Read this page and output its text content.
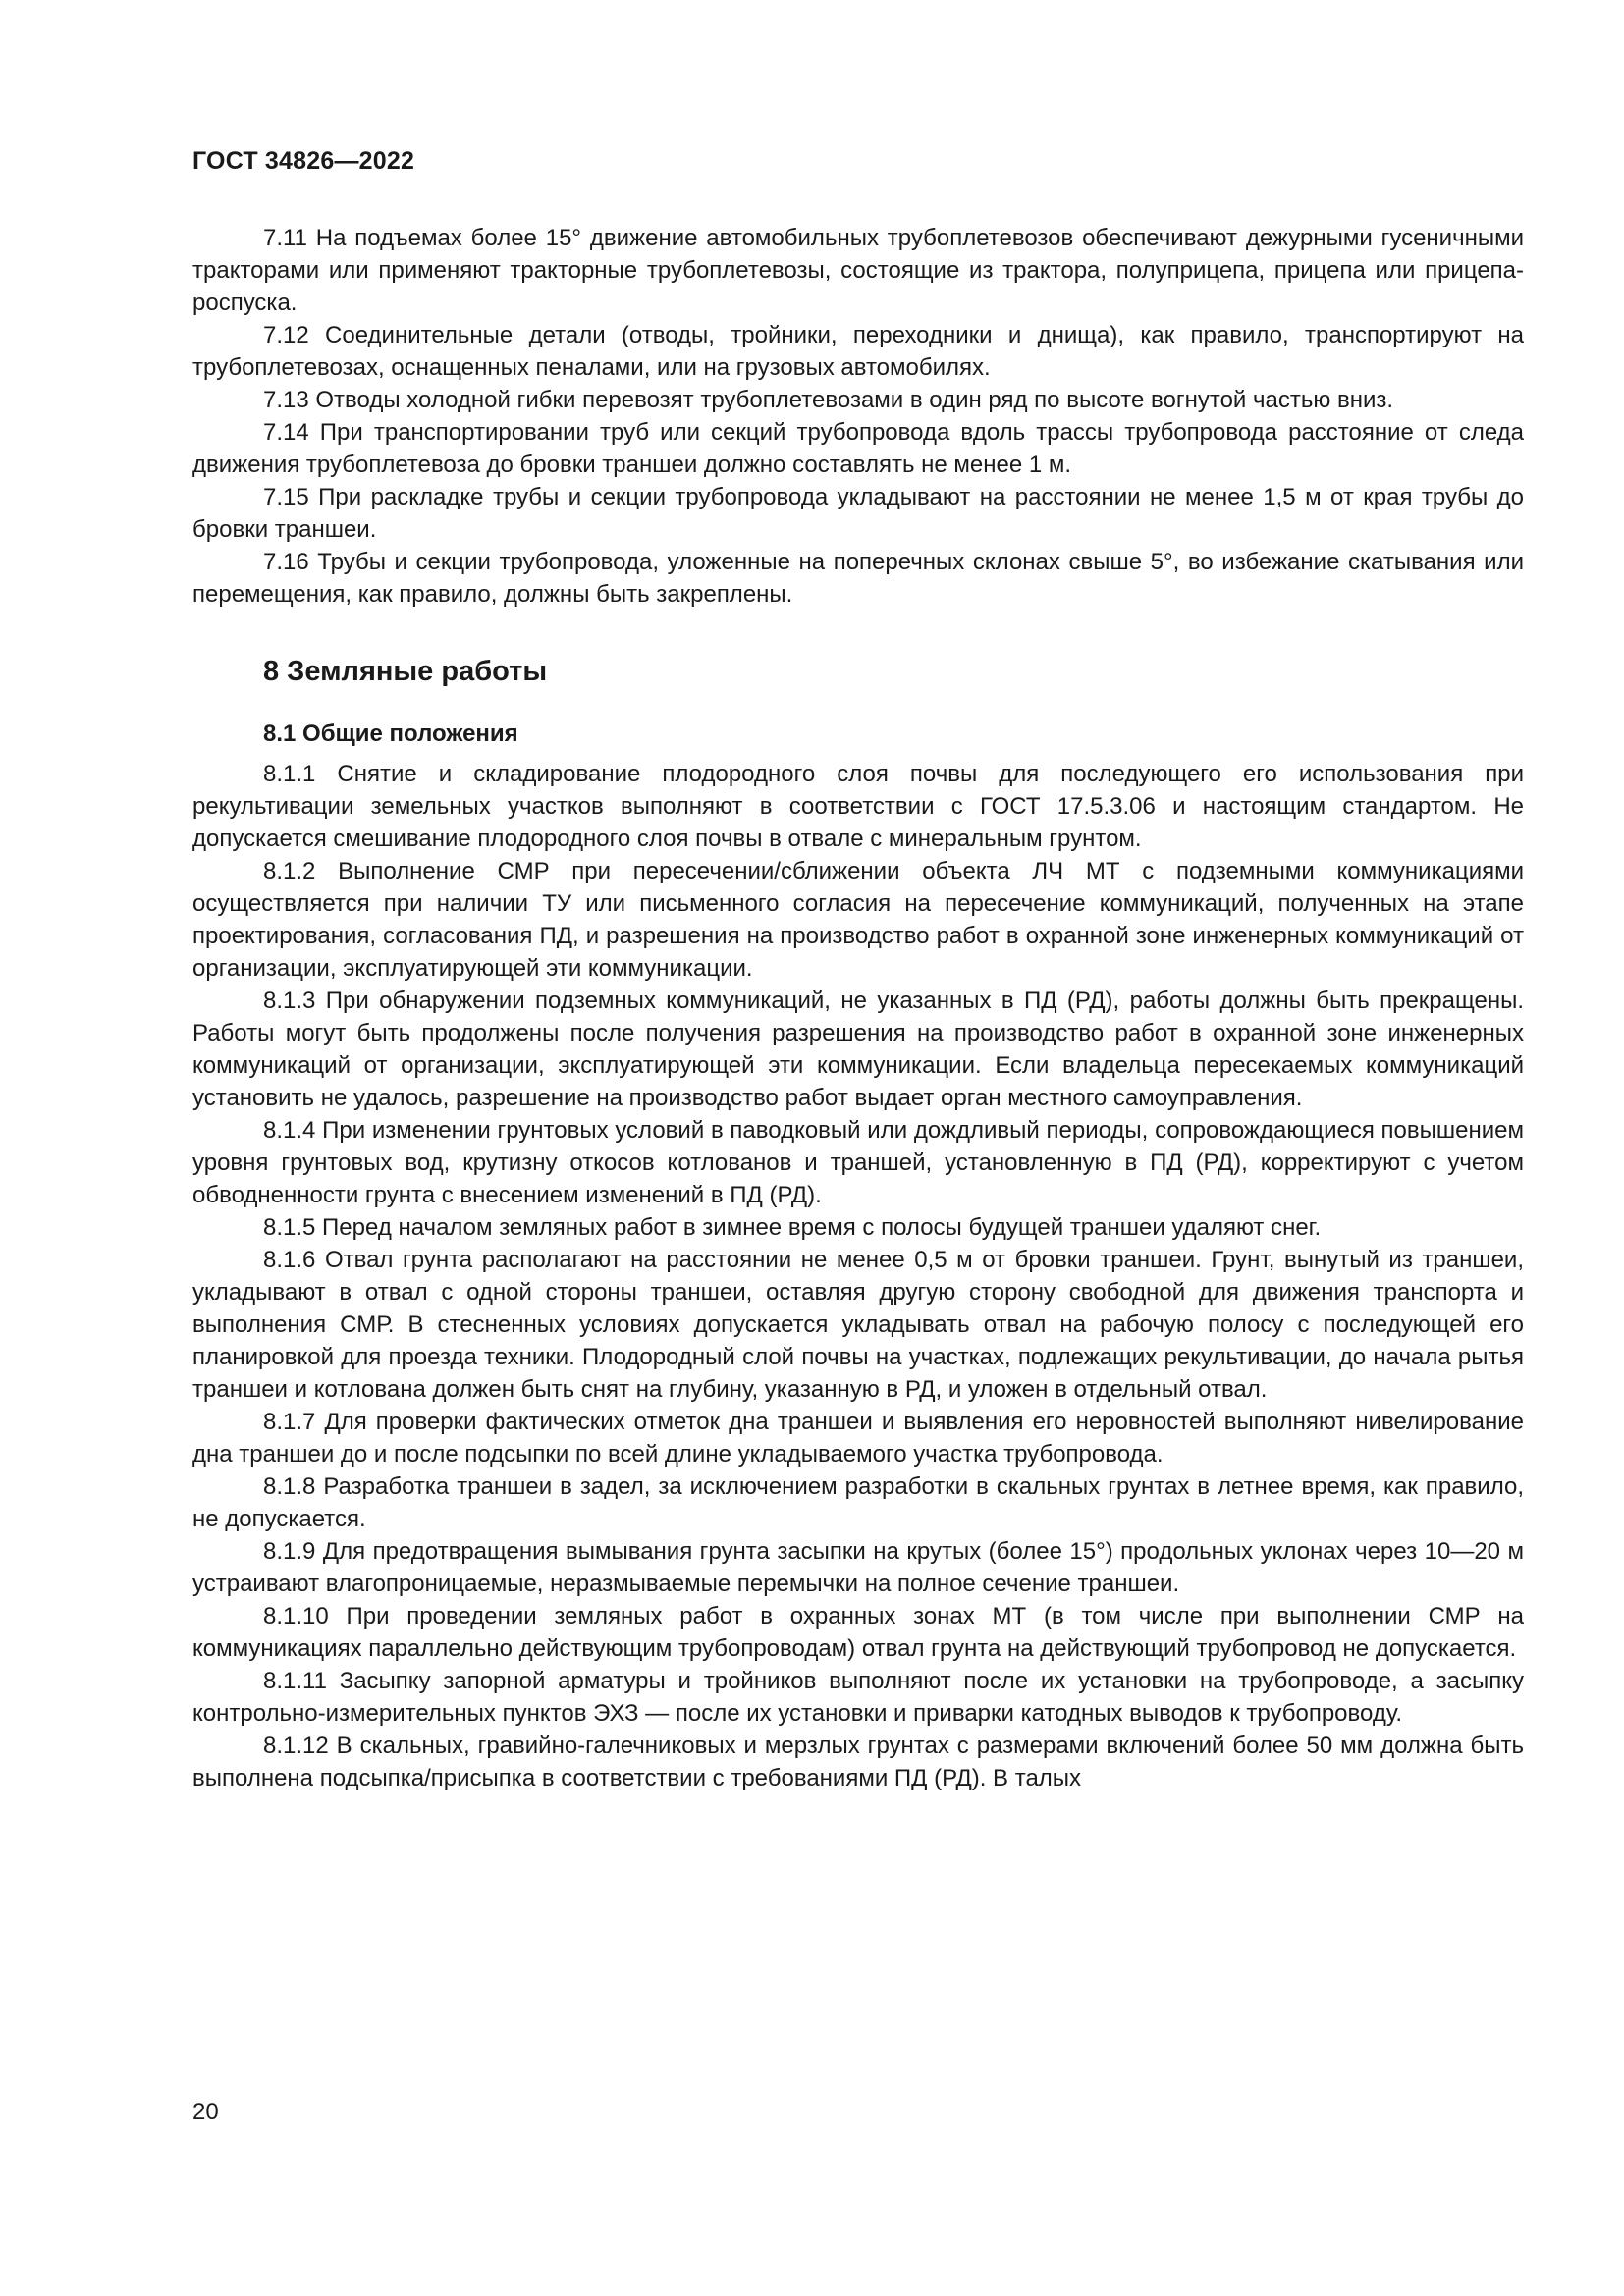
ГОСТ 34826—2022

7.11 На подъемах более 15° движение автомобильных трубоплетевозов обеспечивают дежурными гусеничными тракторами или применяют тракторные трубоплетевозы, состоящие из трактора, полуприцепа, прицепа или прицепа-роспуска.

7.12 Соединительные детали (отводы, тройники, переходники и днища), как правило, транспортируют на трубоплетевозах, оснащенных пеналами, или на грузовых автомобилях.

7.13 Отводы холодной гибки перевозят трубоплетевозами в один ряд по высоте вогнутой частью вниз.

7.14 При транспортировании труб или секций трубопровода вдоль трассы трубопровода расстояние от следа движения трубоплетевоза до бровки траншеи должно составлять не менее 1 м.

7.15 При раскладке трубы и секции трубопровода укладывают на расстоянии не менее 1,5 м от края трубы до бровки траншеи.

7.16 Трубы и секции трубопровода, уложенные на поперечных склонах свыше 5°, во избежание скатывания или перемещения, как правило, должны быть закреплены.

8 Земляные работы
8.1 Общие положения

8.1.1 Снятие и складирование плодородного слоя почвы для последующего его использования при рекультивации земельных участков выполняют в соответствии с ГОСТ 17.5.3.06 и настоящим стандартом. Не допускается смешивание плодородного слоя почвы в отвале с минеральным грунтом.

8.1.2 Выполнение СМР при пересечении/сближении объекта ЛЧ МТ с подземными коммуникациями осуществляется при наличии ТУ или письменного согласия на пересечение коммуникаций, полученных на этапе проектирования, согласования ПД, и разрешения на производство работ в охранной зоне инженерных коммуникаций от организации, эксплуатирующей эти коммуникации.

8.1.3 При обнаружении подземных коммуникаций, не указанных в ПД (РД), работы должны быть прекращены. Работы могут быть продолжены после получения разрешения на производство работ в охранной зоне инженерных коммуникаций от организации, эксплуатирующей эти коммуникации. Если владельца пересекаемых коммуникаций установить не удалось, разрешение на производство работ выдает орган местного самоуправления.

8.1.4 При изменении грунтовых условий в паводковый или дождливый периоды, сопровождающиеся повышением уровня грунтовых вод, крутизну откосов котлованов и траншей, установленную в ПД (РД), корректируют с учетом обводненности грунта с внесением изменений в ПД (РД).

8.1.5 Перед началом земляных работ в зимнее время с полосы будущей траншеи удаляют снег.

8.1.6 Отвал грунта располагают на расстоянии не менее 0,5 м от бровки траншеи. Грунт, вынутый из траншеи, укладывают в отвал с одной стороны траншеи, оставляя другую сторону свободной для движения транспорта и выполнения СМР. В стесненных условиях допускается укладывать отвал на рабочую полосу с последующей его планировкой для проезда техники. Плодородный слой почвы на участках, подлежащих рекультивации, до начала рытья траншеи и котлована должен быть снят на глубину, указанную в РД, и уложен в отдельный отвал.

8.1.7 Для проверки фактических отметок дна траншеи и выявления его неровностей выполняют нивелирование дна траншеи до и после подсыпки по всей длине укладываемого участка трубопровода.

8.1.8 Разработка траншеи в задел, за исключением разработки в скальных грунтах в летнее время, как правило, не допускается.

8.1.9 Для предотвращения вымывания грунта засыпки на крутых (более 15°) продольных уклонах через 10—20 м устраивают влагопроницаемые, неразмываемые перемычки на полное сечение траншеи.

8.1.10 При проведении земляных работ в охранных зонах МТ (в том числе при выполнении СМР на коммуникациях параллельно действующим трубопроводам) отвал грунта на действующий трубопровод не допускается.

8.1.11 Засыпку запорной арматуры и тройников выполняют после их установки на трубопроводе, а засыпку контрольно-измерительных пунктов ЭХЗ — после их установки и приварки катодных выводов к трубопроводу.

8.1.12 В скальных, гравийно-галечниковых и мерзлых грунтах с размерами включений более 50 мм должна быть выполнена подсыпка/присыпка в соответствии с требованиями ПД (РД). В талых

20
